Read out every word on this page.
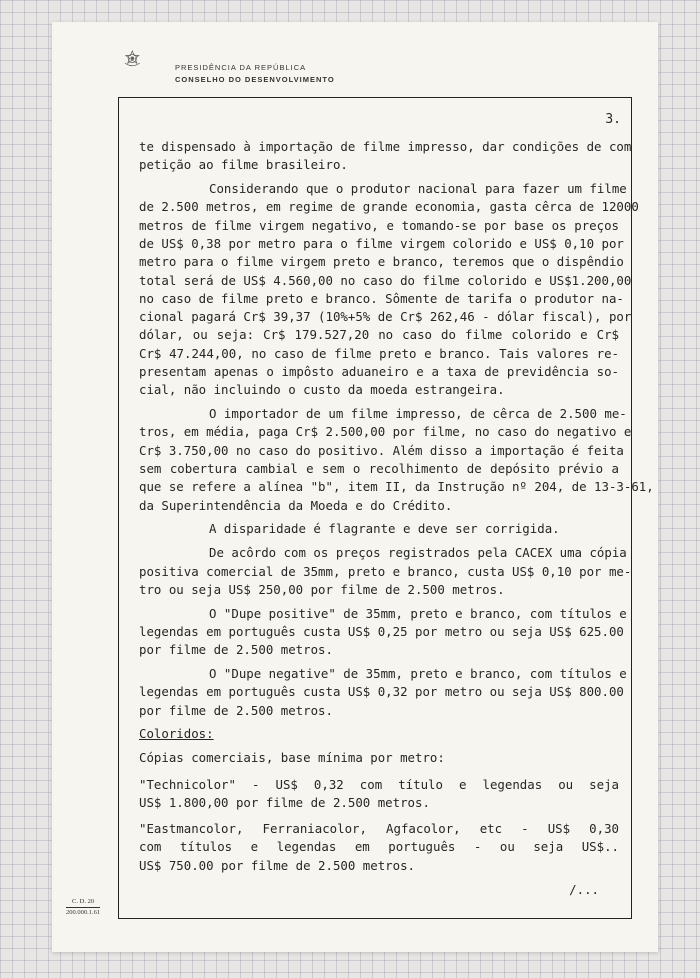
PRESIDÊNCIA DA REPÚBLICA
CONSELHO DO DESENVOLVIMENTO
3.

te dispensado à importação de filme impresso, dar condições de com
petição ao filme brasileiro.

Considerando que o produtor nacional para fazer um filme
de 2.500 metros, em regime de grande economia, gasta cêrca de 12000
metros de filme virgem negativo, e tomando-se por base os preços
de US$ 0,38 por metro para o filme virgem colorido e US$ 0,10 por
metro para o filme virgem preto e branco, teremos que o dispêndio
total será de US$ 4.560,00 no caso do filme colorido e US$1.200,00
no caso de filme preto e branco. Sômente de tarifa o produtor na-
cional pagará Cr$ 39,37 (10%+5% de Cr$ 262,46 - dólar fiscal), por
dólar, ou seja: Cr$ 179.527,20 no caso do filme colorido e Cr$
Cr$ 47.244,00, no caso de filme preto e branco. Tais valores re-
presentam apenas o impôsto aduaneiro e a taxa de previdência so-
cial, não incluindo o custo da moeda estrangeira.

O importador de um filme impresso, de cêrca de 2.500 me-
tros, em média, paga Cr$ 2.500,00 por filme, no caso do negativo e
Cr$ 3.750,00 no caso do positivo. Além disso a importação é feita
sem cobertura cambial e sem o recolhimento de depósito prévio a
que se refere a alínea "b", item II, da Instrução nº 204, de 13-3-61,
da Superintendência da Moeda e do Crédito.

A disparidade é flagrante e deve ser corrigida.

De acôrdo com os preços registrados pela CACEX uma cópia
positiva comercial de 35mm, preto e branco, custa US$ 0,10 por me-
tro ou seja US$ 250,00 por filme de 2.500 metros.

O "Dupe positive" de 35mm, preto e branco, com títulos e
legendas em português custa US$ 0,25 por metro ou seja US$ 625.00
por filme de 2.500 metros.

O "Dupe negative" de 35mm, preto e branco, com títulos e
legendas em português custa US$ 0,32 por metro ou seja US$ 800.00
por filme de 2.500 metros.

Coloridos:

Cópias comerciais, base mínima por metro:

"Technicolor" - US$ 0,32 com título e legendas ou seja
US$ 1.800,00 por filme de 2.500 metros.

"Eastmancolor, Ferraniacolor, Agfacolor, etc - US$ 0,30
com títulos e legendas em português - ou seja US$..
US$ 750.00 por filme de 2.500 metros.

/...
C. D. 20
200.000.1.61
